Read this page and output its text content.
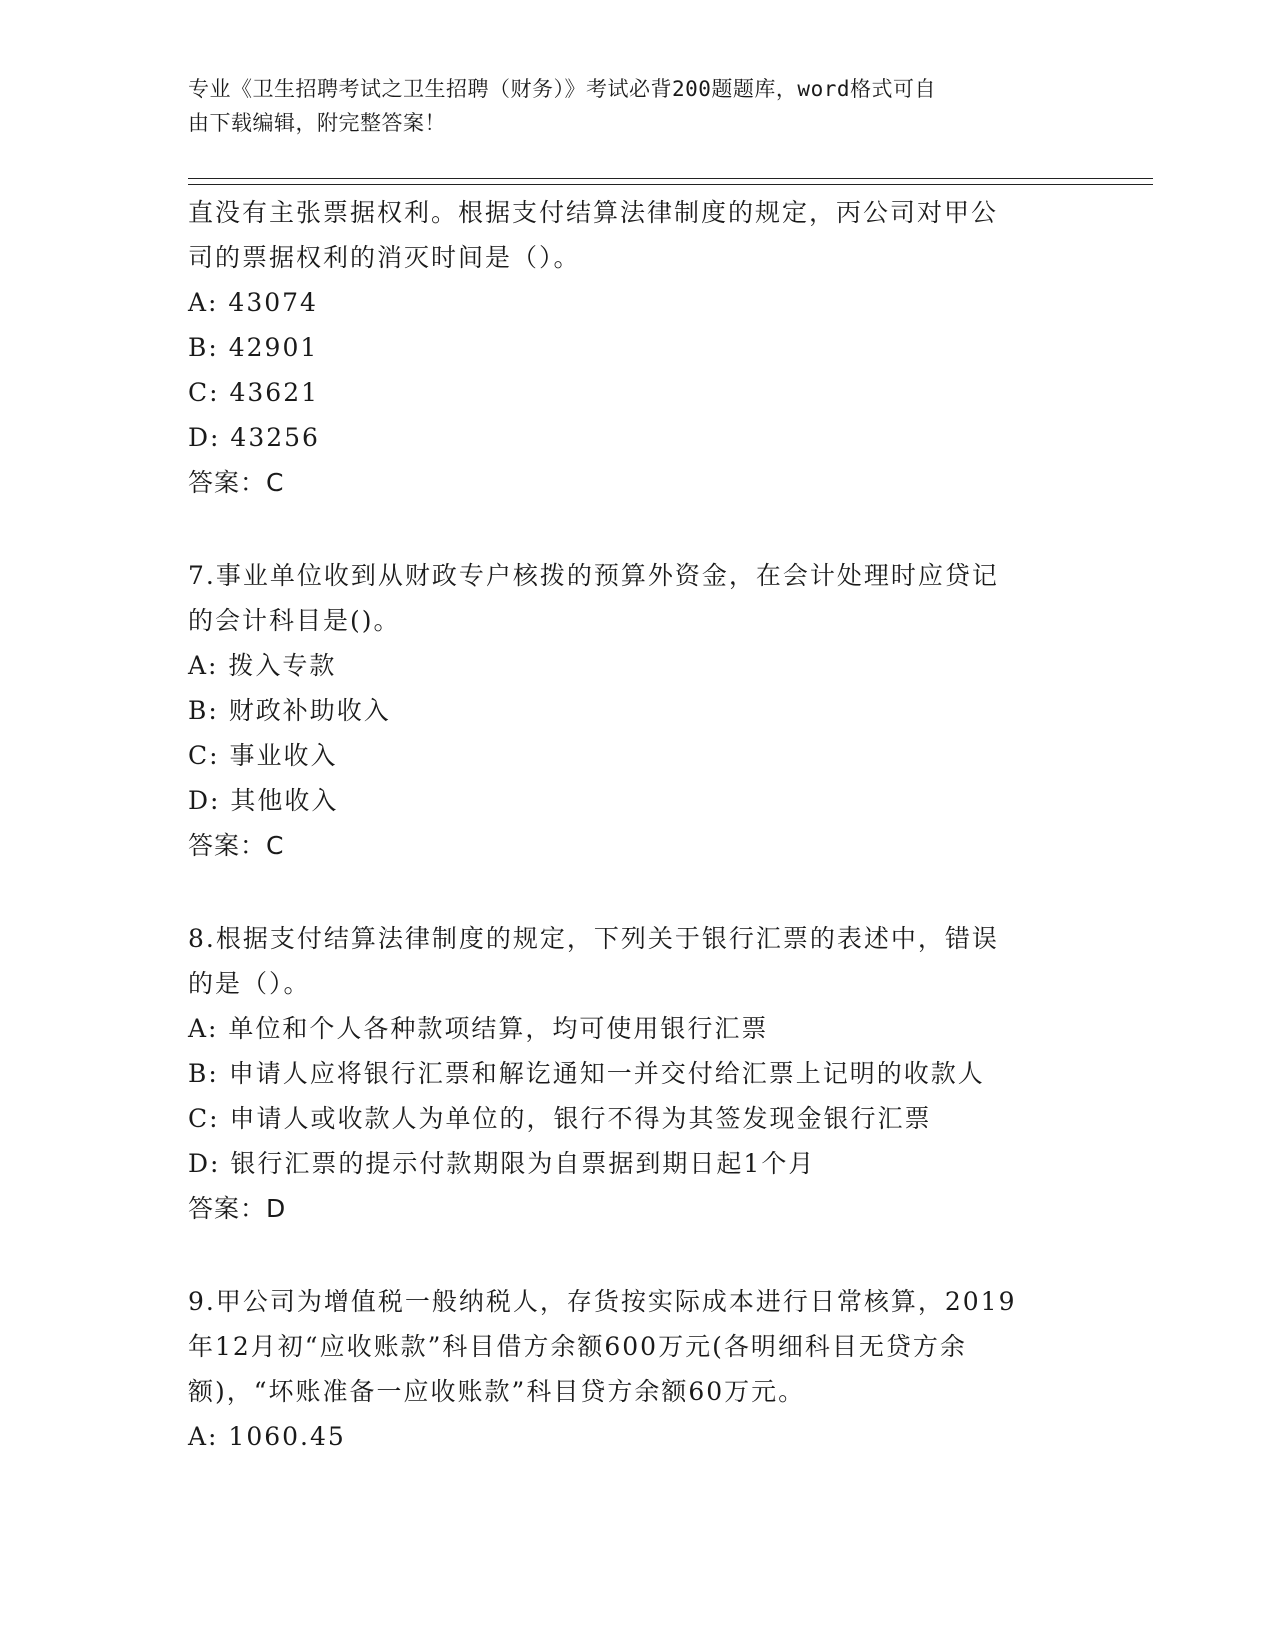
专业《卫生招聘考试之卫生招聘（财务）》考试必背200题题库，word格式可自
由下载编辑，附完整答案！
直没有主张票据权利。根据支付结算法律制度的规定，丙公司对甲公
司的票据权利的消灭时间是（）。
A: 43074
B: 42901
C: 43621
D: 43256
答案：C
7.事业单位收到从财政专户核拨的预算外资金，在会计处理时应贷记
的会计科目是()。
A: 拨入专款
B: 财政补助收入
C: 事业收入
D: 其他收入
答案：C
8.根据支付结算法律制度的规定，下列关于银行汇票的表述中，错误
的是（）。
A: 单位和个人各种款项结算，均可使用银行汇票
B: 申请人应将银行汇票和解讫通知一并交付给汇票上记明的收款人
C: 申请人或收款人为单位的，银行不得为其签发现金银行汇票
D: 银行汇票的提示付款期限为自票据到期日起1个月
答案：D
9.甲公司为增值税一般纳税人，存货按实际成本进行日常核算，2019
年12月初“应收账款”科目借方余额600万元(各明细科目无贷方余
额)，“坏账准备一应收账款”科目贷方余额60万元。
A: 1060.45
